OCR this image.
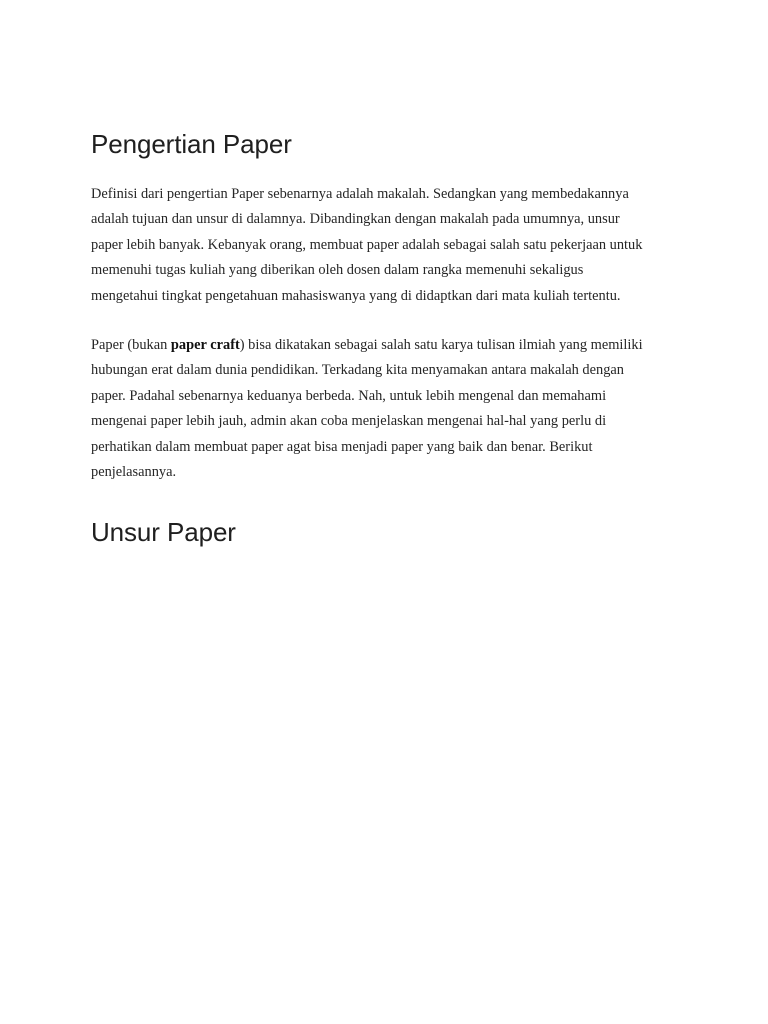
Pengertian Paper

Definisi dari pengertian Paper sebenarnya adalah makalah. Sedangkan yang membedakannya
adalah tujuan dan unsur di dalamnya. Dibandingkan dengan makalah pada umumnya, unsur
paper lebih banyak. Kebanyak orang, membuat paper adalah sebagai salah satu pekerjaan untuk
memenuhi tugas kuliah yang diberikan oleh dosen dalam rangka memenuhi sekaligus
mengetahui tingkat pengetahuan mahasiswanya yang di didaptkan dari mata kuliah tertentu.

Paper (bukan paper craft) bisa dikatakan sebagai salah satu karya tulisan ilmiah yang memiliki
hubungan erat dalam dunia pendidikan. Terkadang kita menyamakan antara makalah dengan
paper. Padahal sebenarnya keduanya berbeda. Nah, untuk lebih mengenal dan memahami
mengenai paper lebih jauh, admin akan coba menjelaskan mengenai hal-hal yang perlu di
perhatikan dalam membuat paper agat bisa menjadi paper yang baik dan benar. Berikut
penjelasannya.

Unsur Paper
